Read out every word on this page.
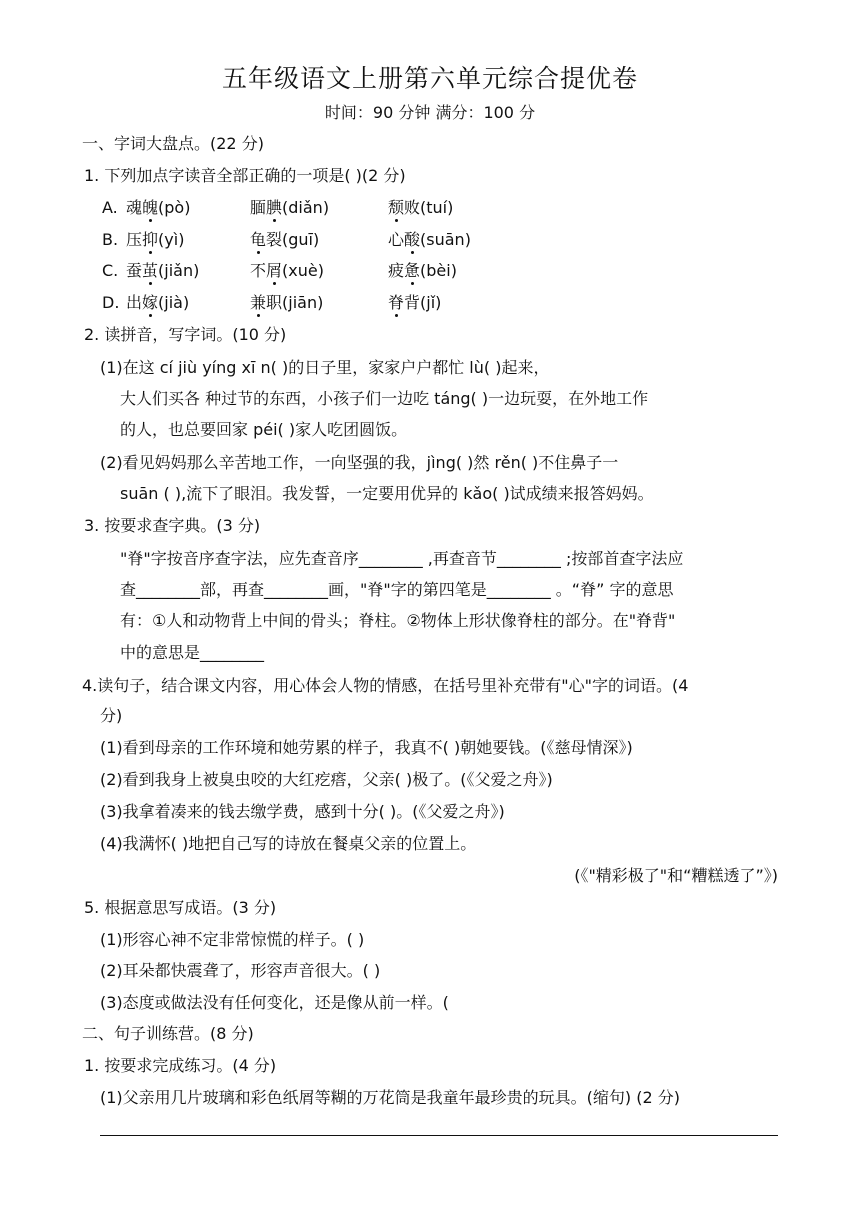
五年级语文上册第六单元综合提优卷
时间：90 分钟 满分：100 分
一、字词大盘点。(22 分)
1. 下列加点字读音全部正确的一项是( )(2 分)
A. 魂魄(pò)	腼腆(diǎn)	颓败(tuí)
B. 压抑(yì)	龟裂(guī)	心酸(suān)
C. 蚕茧(jiǎn)	不屑(xuè)	疲惫(bèi)
D. 出嫁(jià)	兼职(jiān)	脊背(jǐ)
2. 读拼音，写字词。(10 分)
(1)在这 cí jiù yíng xī n( )的日子里，家家户户都忙 lù( )起来，
大人们买各 种过节的东西，小孩子们一边吃 táng( )一边玩耍，在外地工作
的人，也总要回家 péi( )家人吃团圆饭。
(2)看见妈妈那么辛苦地工作，一向坚强的我，jìng( )然 rěn( )不住鼻子一
suān ( ),流下了眼泪。我发誓，一定要用优异的 kǎo( )试成绩来报答妈妈。
3. 按要求查字典。(3 分)
"脊"字按音序查字法，应先查音序________ ,再查音节________ ;按部首查字法应
查________部，再查________画，"脊"字的第四笔是________ 。“脊” 字的意思
有：①人和动物背上中间的骨头；脊柱。②物体上形状像脊柱的部分。在"脊背"
中的意思是________
4.读句子，结合课文内容，用心体会人物的情感，在括号里补充带有"心"字的词语。(4
分)
(1)看到母亲的工作环境和她劳累的样子，我真不( )朝她要钱。(《慈母情深》)
(2)看到我身上被臭虫咬的大红疙瘩，父亲( )极了。(《父爱之舟》)
(3)我拿着凑来的钱去缴学费，感到十分( )。(《父爱之舟》)
(4)我满怀( )地把自己写的诗放在餐桌父亲的位置上。
(《"精彩极了"和“糟糕透了”》)
5. 根据意思写成语。(3 分)
(1)形容心神不定非常惊慌的样子。( )
(2)耳朵都快震聋了，形容声音很大。( )
(3)态度或做法没有任何变化，还是像从前一样。(
二、句子训练营。(8 分)
1. 按要求完成练习。(4 分)
(1)父亲用几片玻璃和彩色纸屑等糊的万花筒是我童年最珍贵的玩具。(缩句) (2 分)
